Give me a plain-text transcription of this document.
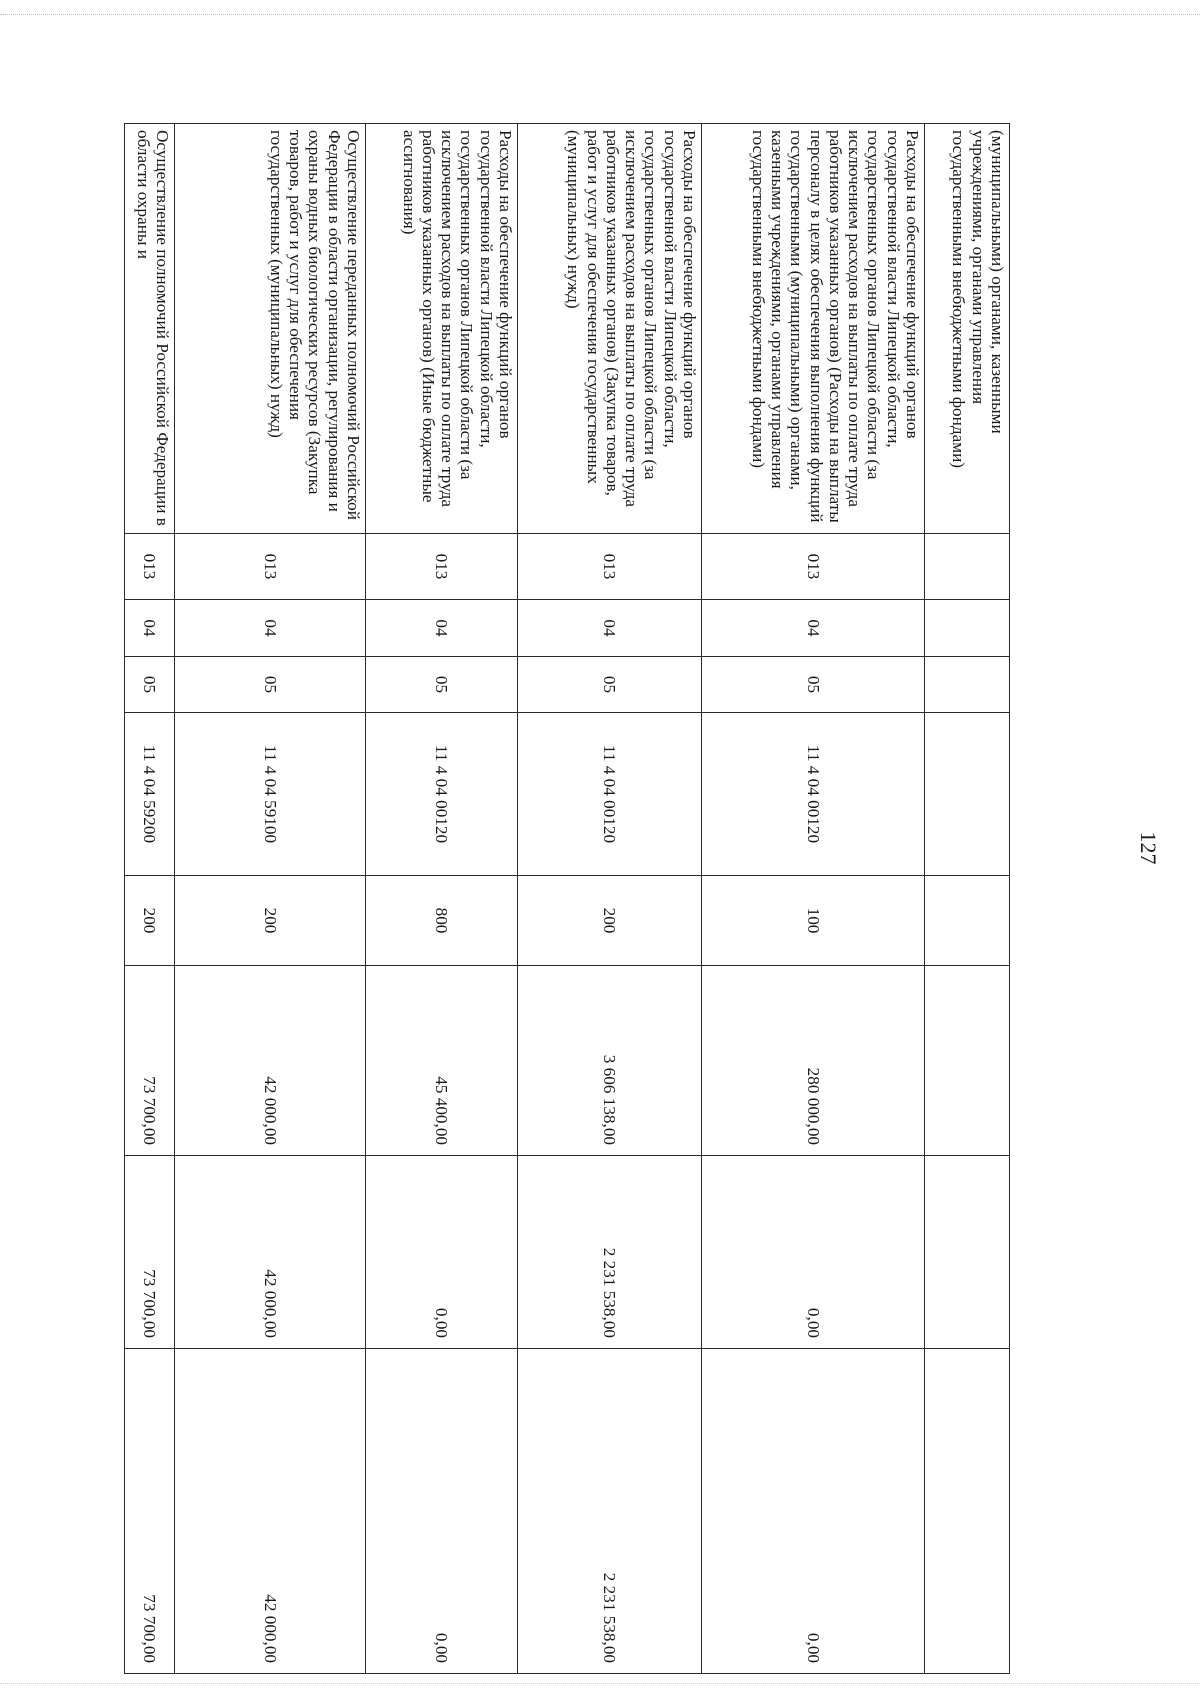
127
(муниципальными) органами, казенными учреждениями, органами управления государственными внебюджетными фондами)								
Расходы на обеспечение функций органов государственной власти Липецкой области, государственных органов Липецкой области (за исключением расходов на выплаты по оплате труда работников указанных органов) (Расходы на выплаты персоналу в целях обеспечения выполнения функций государственными (муниципальными) органами, казенными учреждениями, органами управления государственными внебюджетными фондами)	013	04	05	11 4 04 00120	100	280 000,00	0,00	0,00
Расходы на обеспечение функций органов государственной власти Липецкой области, государственных органов Липецкой области (за исключением расходов на выплаты по оплате труда работников указанных органов) (Закупка товаров, работ и услуг для обеспечения государственных (муниципальных) нужд)	013	04	05	11 4 04 00120	200	3 606 138,00	2 231 538,00	2 231 538,00
Расходы на обеспечение функций органов государственной власти Липецкой области, государственных органов Липецкой области (за исключением расходов на выплаты по оплате труда работников указанных органов) (Иные бюджетные ассигнования)	013	04	05	11 4 04 00120	800	45 400,00	0,00	0,00
Осуществление переданных полномочий Российской Федерации в области организации, регулирования и охраны водных биологических ресурсов (Закупка товаров, работ и услуг для обеспечения государственных (муниципальных) нужд)	013	04	05	11 4 04 59100	200	42 000,00	42 000,00	42 000,00
Осуществление полномочий Российской Федерации в области охраны и	013	04	05	11 4 04 59200	200	73 700,00	73 700,00	73 700,00
